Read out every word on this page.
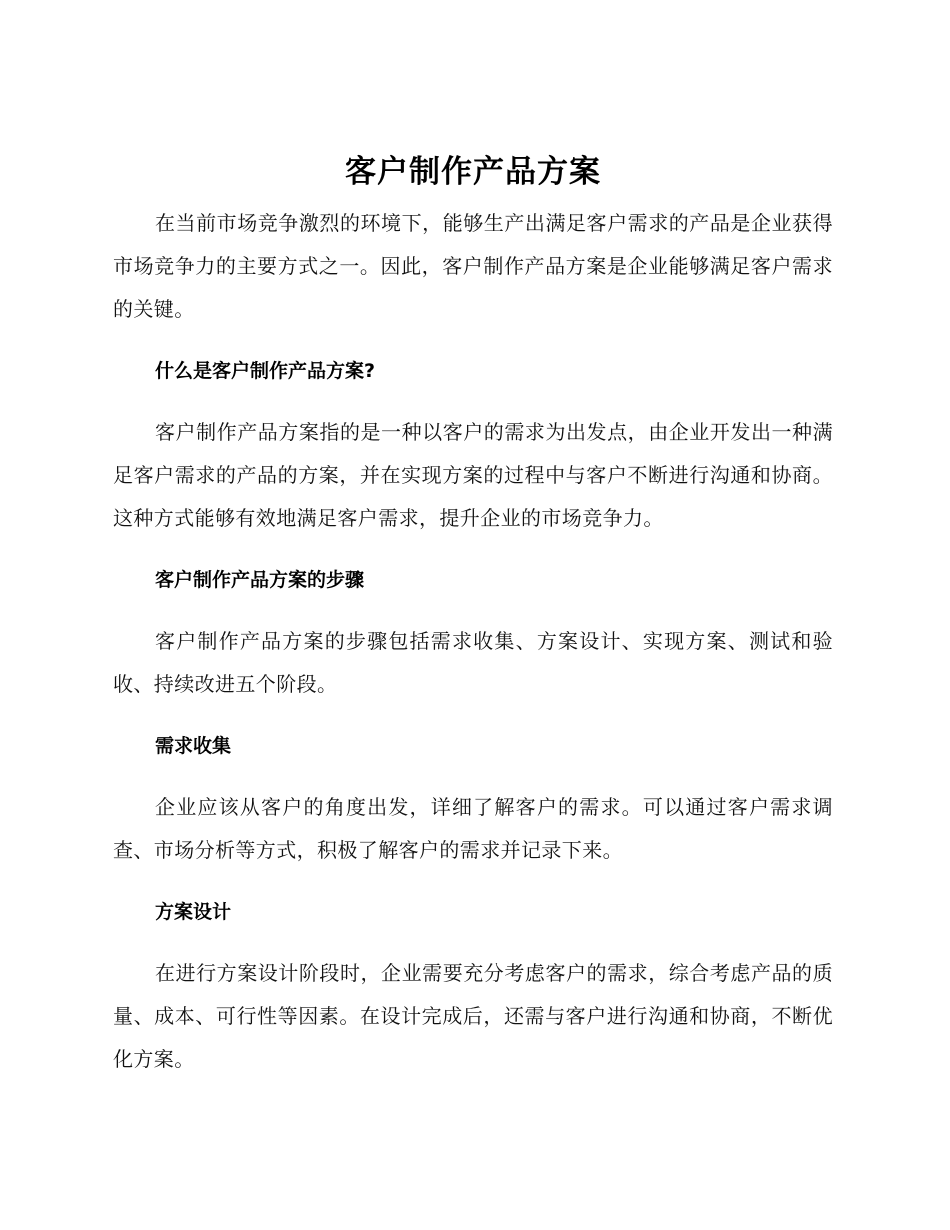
客户制作产品方案

在当前市场竞争激烈的环境下，能够生产出满足客户需求的产品是企业获得市场竞争力的主要方式之一。因此，客户制作产品方案是企业能够满足客户需求的关键。

什么是客户制作产品方案?

客户制作产品方案指的是一种以客户的需求为出发点，由企业开发出一种满足客户需求的产品的方案，并在实现方案的过程中与客户不断进行沟通和协商。这种方式能够有效地满足客户需求，提升企业的市场竞争力。

客户制作产品方案的步骤

客户制作产品方案的步骤包括需求收集、方案设计、实现方案、测试和验收、持续改进五个阶段。

需求收集

企业应该从客户的角度出发，详细了解客户的需求。可以通过客户需求调查、市场分析等方式，积极了解客户的需求并记录下来。

方案设计

在进行方案设计阶段时，企业需要充分考虑客户的需求，综合考虑产品的质量、成本、可行性等因素。在设计完成后，还需与客户进行沟通和协商，不断优化方案。
